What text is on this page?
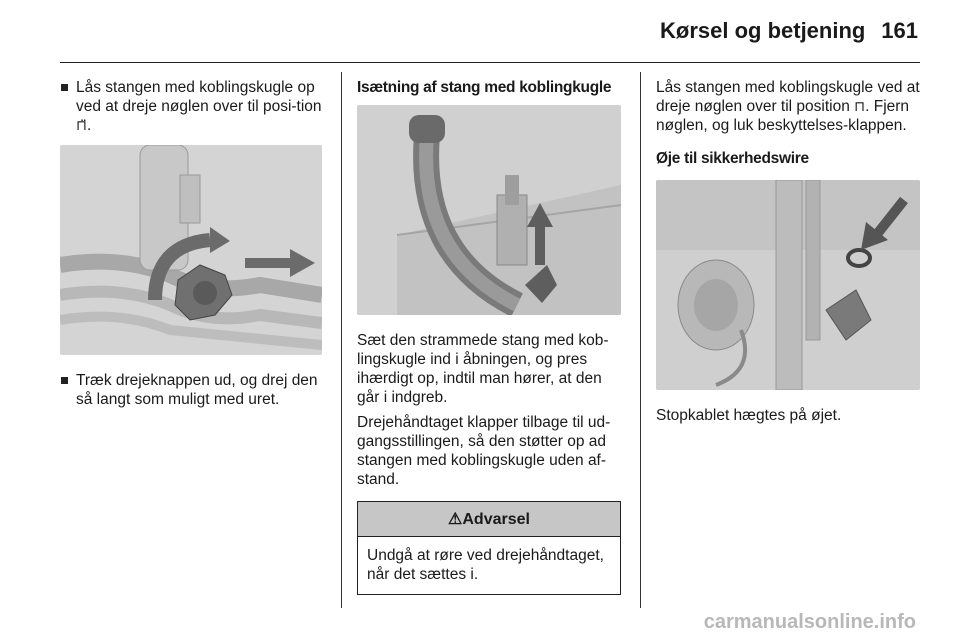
Kørsel og betjening 161
Lås stangen med koblingskugle op ved at dreje nøglen over til posi-tion ⊓̈.
Træk drejeknappen ud, og drej den så langt som muligt med uret.

Isætning af stang med koblingkugle

Sæt den strammede stang med kob-lingskugle ind i åbningen, og pres ihærdigt op, indtil man hører, at den går i indgreb.

Drejehåndtaget klapper tilbage til ud-gangsstillingen, så den støtter op ad stangen med koblingskugle uden af-stand.

⚠Advarsel
Undgå at røre ved drejehåndtaget, når det sættes i.

Lås stangen med koblingskugle ved at dreje nøglen over til position ⊓. Fjern nøglen, og luk beskyttelses-klappen.

Øje til sikkerhedswire

Stopkablet hægtes på øjet.

carmanualsonline.info
